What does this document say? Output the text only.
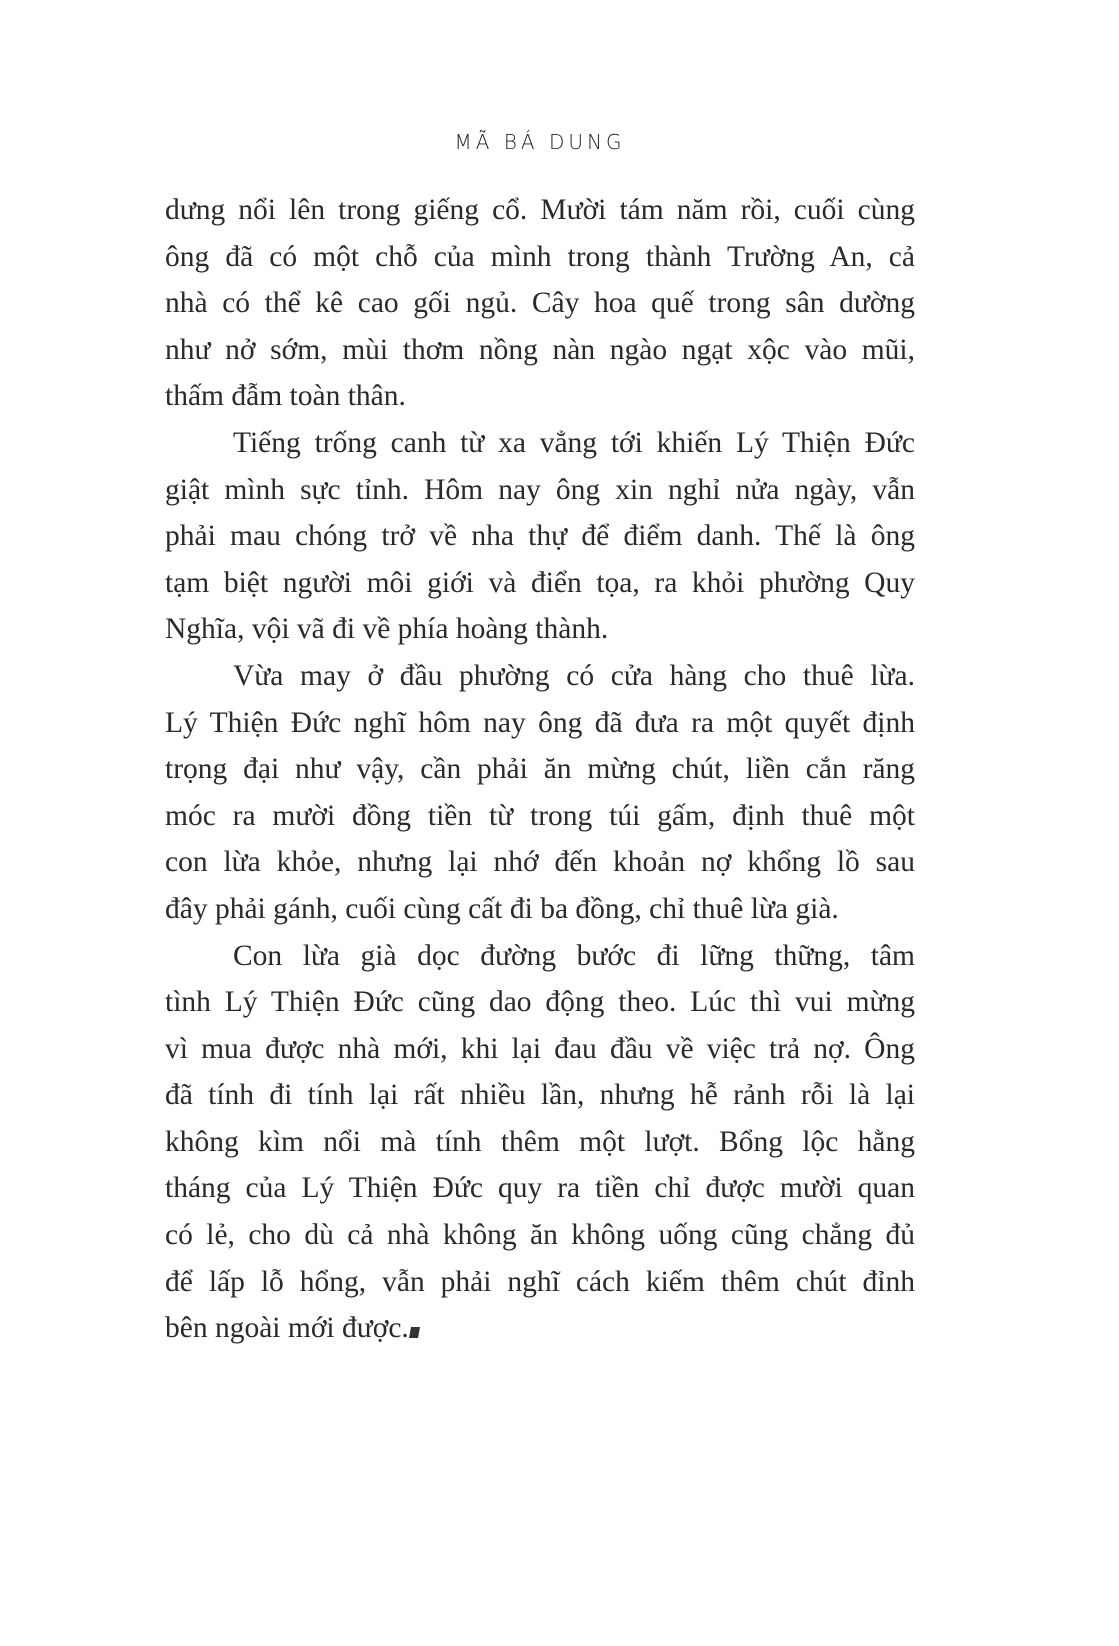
MÃ BÁ DUNG
dưng nổi lên trong giếng cổ. Mười tám năm rồi, cuối cùng
ông đã có một chỗ của mình trong thành Trường An, cả
nhà có thể kê cao gối ngủ. Cây hoa quế trong sân dường
như nở sớm, mùi thơm nồng nàn ngào ngạt xộc vào mũi,
thấm đẫm toàn thân.
Tiếng trống canh từ xa vẳng tới khiến Lý Thiện Đức
giật mình sực tỉnh. Hôm nay ông xin nghỉ nửa ngày, vẫn
phải mau chóng trở về nha thự để điểm danh. Thế là ông
tạm biệt người môi giới và điển tọa, ra khỏi phường Quy
Nghĩa, vội vã đi về phía hoàng thành.
Vừa may ở đầu phường có cửa hàng cho thuê lừa.
Lý Thiện Đức nghĩ hôm nay ông đã đưa ra một quyết định
trọng đại như vậy, cần phải ăn mừng chút, liền cắn răng
móc ra mười đồng tiền từ trong túi gấm, định thuê một
con lừa khỏe, nhưng lại nhớ đến khoản nợ khổng lồ sau
đây phải gánh, cuối cùng cất đi ba đồng, chỉ thuê lừa già.
Con lừa già dọc đường bước đi lững thững, tâm
tình Lý Thiện Đức cũng dao động theo. Lúc thì vui mừng
vì mua được nhà mới, khi lại đau đầu về việc trả nợ. Ông
đã tính đi tính lại rất nhiều lần, nhưng hễ rảnh rỗi là lại
không kìm nổi mà tính thêm một lượt. Bổng lộc hằng
tháng của Lý Thiện Đức quy ra tiền chỉ được mười quan
có lẻ, cho dù cả nhà không ăn không uống cũng chẳng đủ
để lấp lỗ hổng, vẫn phải nghĩ cách kiếm thêm chút đỉnh
bên ngoài mới được.
